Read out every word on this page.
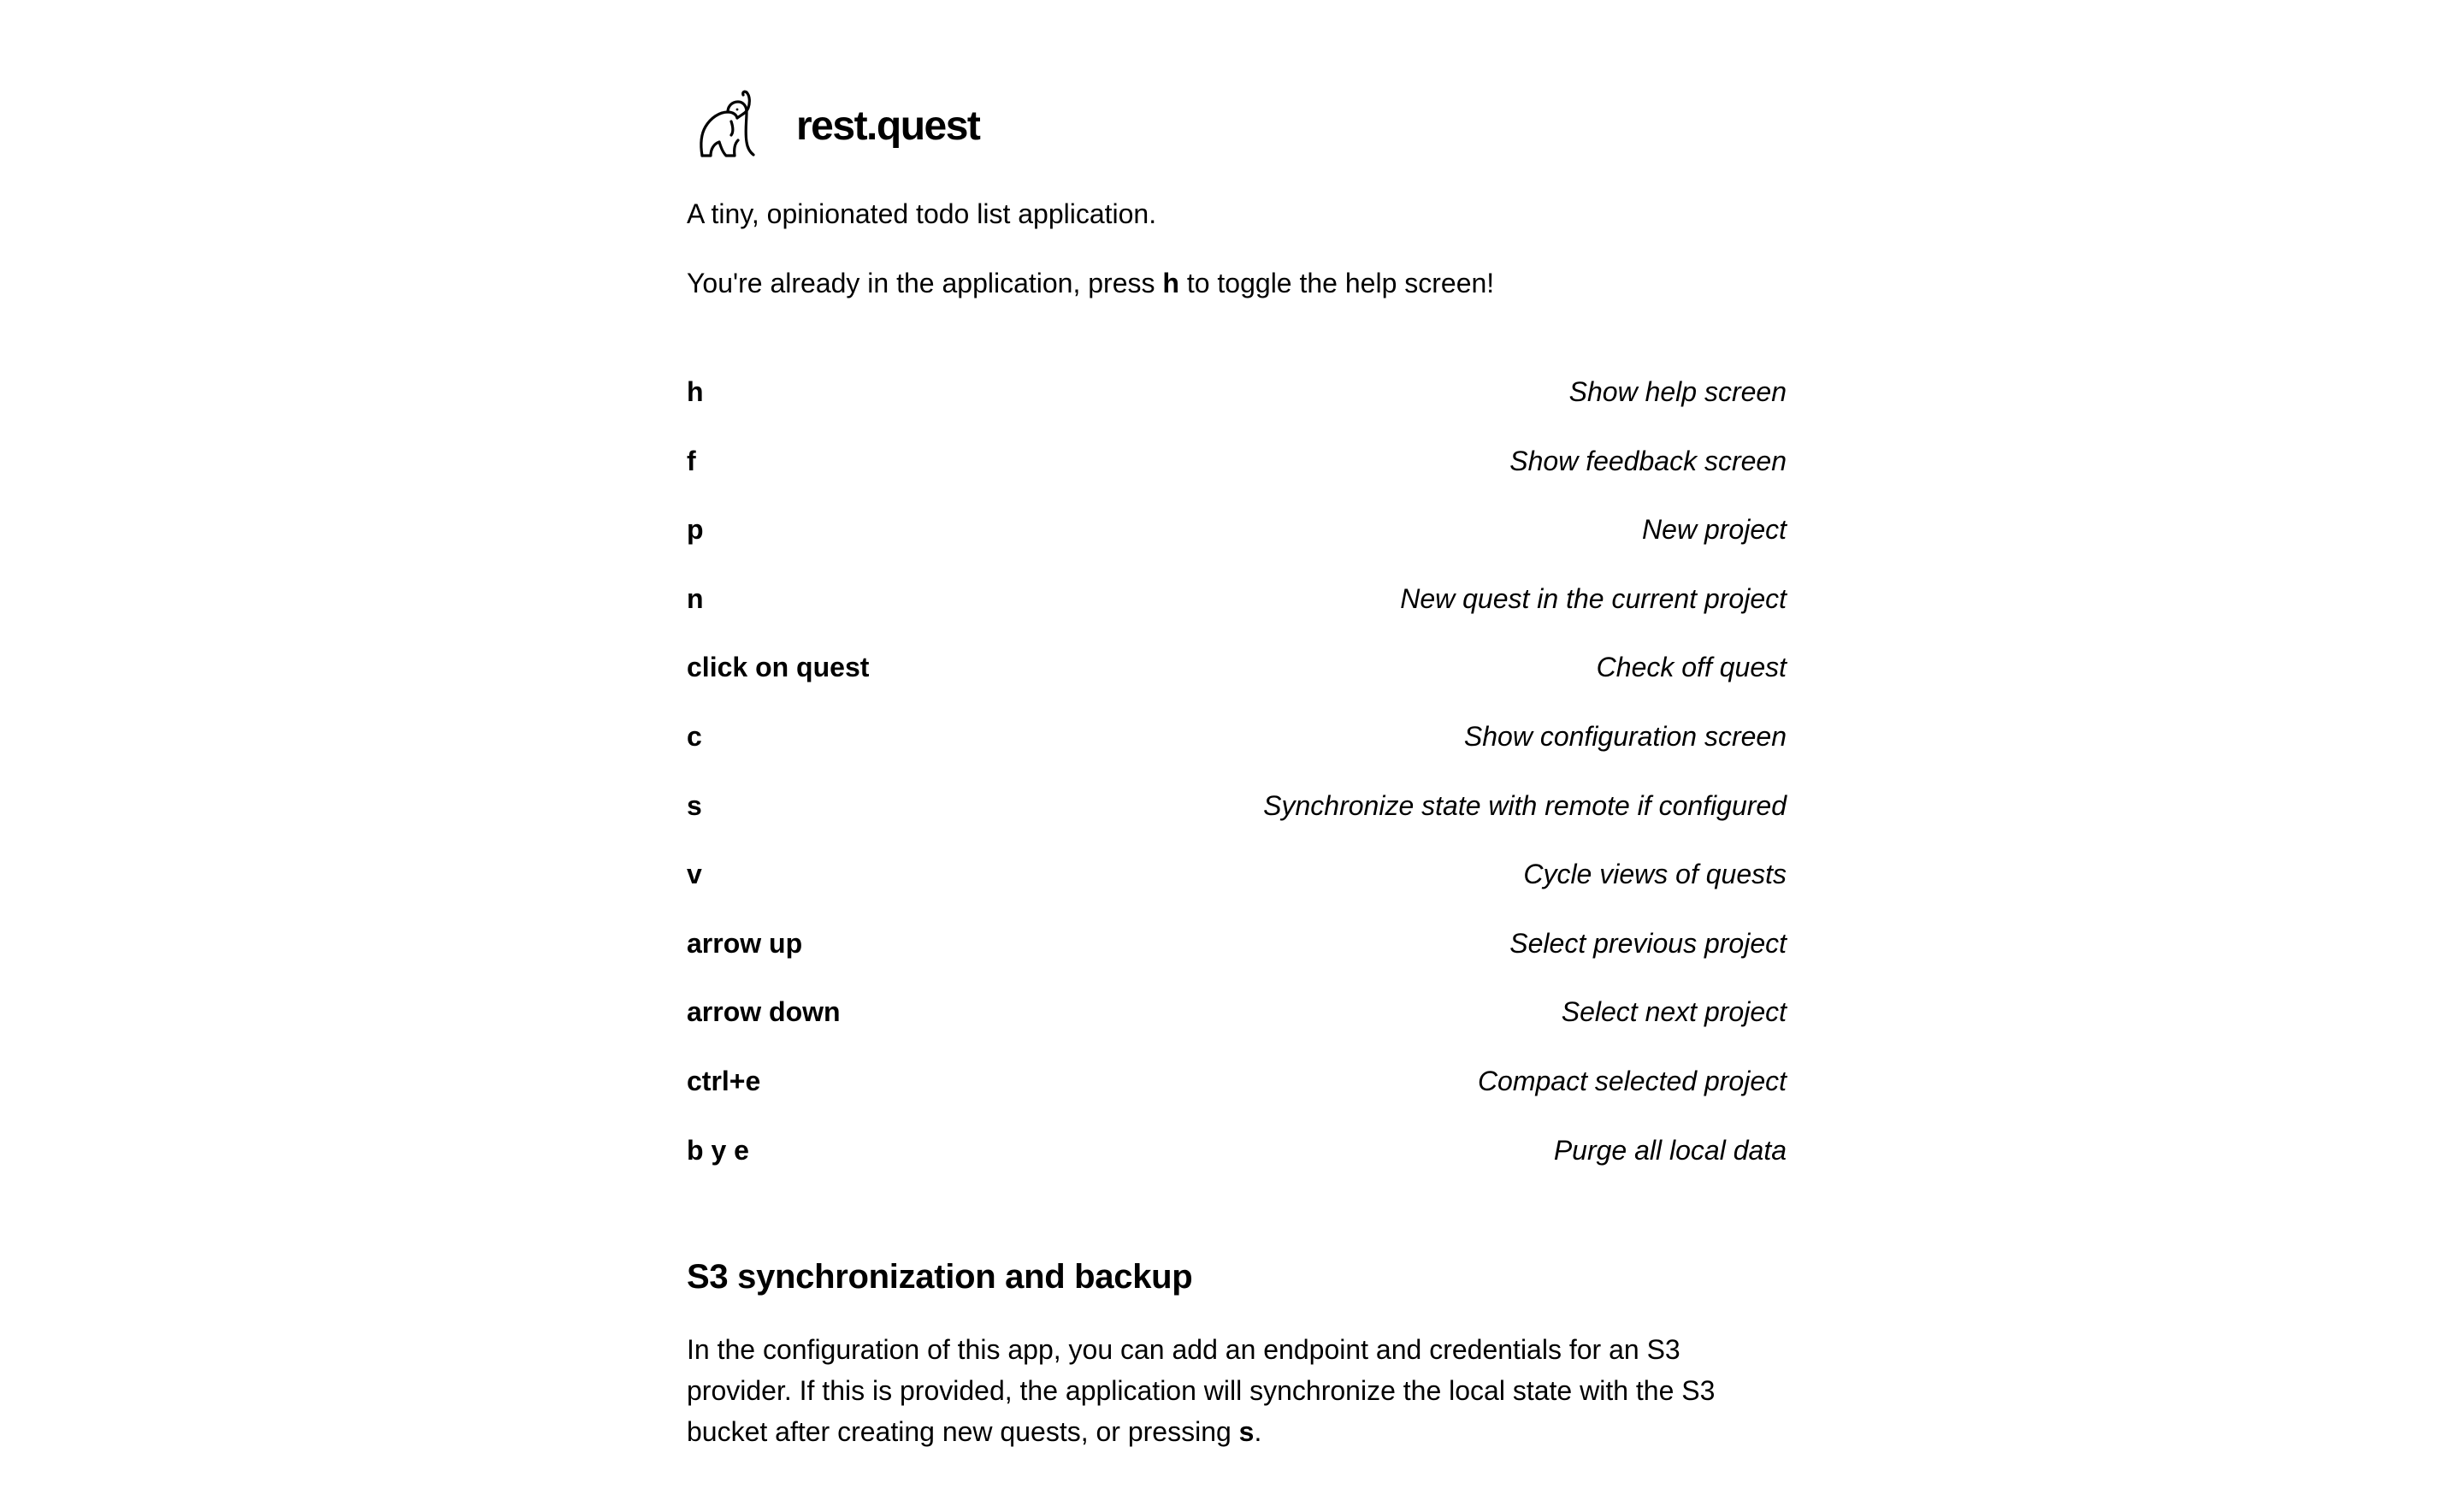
rest.quest

A tiny, opinionated todo list application.

You're already in the application, press h to toggle the help screen!

h	Show help screen
f	Show feedback screen
p	New project
n	New quest in the current project
click on quest	Check off quest
c	Show configuration screen
s	Synchronize state with remote if configured
v	Cycle views of quests
arrow up	Select previous project
arrow down	Select next project
ctrl+e	Compact selected project
b y e	Purge all local data
S3 synchronization and backup

In the configuration of this app, you can add an endpoint and credentials for an S3 provider. If this is provided, the application will synchronize the local state with the S3 bucket after creating new quests, or pressing s.
